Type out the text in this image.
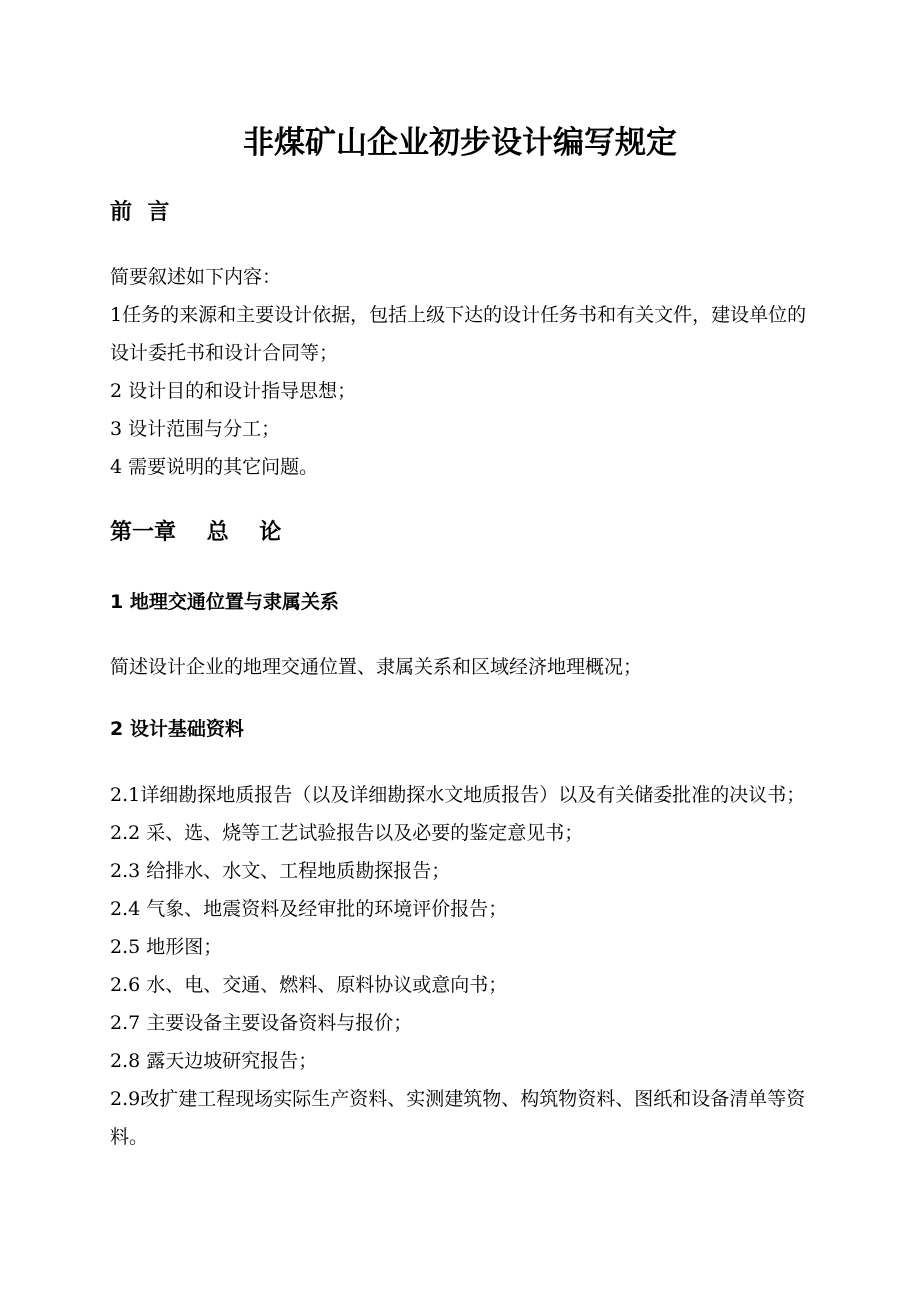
非煤矿山企业初步设计编写规定
前  言

简要叙述如下内容：

1任务的来源和主要设计依据，包括上级下达的设计任务书和有关文件，建设单位的设计委托书和设计合同等；

2 设计目的和设计指导思想；

3 设计范围与分工；

4 需要说明的其它问题。

第一章    总    论
1 地理交通位置与隶属关系

简述设计企业的地理交通位置、隶属关系和区域经济地理概况；

2 设计基础资料
2.1详细勘探地质报告（以及详细勘探水文地质报告）以及有关储委批准的决议书；
2.2 采、选、烧等工艺试验报告以及必要的鉴定意见书；
2.3 给排水、水文、工程地质勘探报告；
2.4 气象、地震资料及经审批的环境评价报告；
2.5 地形图；
2.6 水、电、交通、燃料、原料协议或意向书；
2.7 主要设备主要设备资料与报价；
2.8 露天边坡研究报告；
2.9改扩建工程现场实际生产资料、实测建筑物、构筑物资料、图纸和设备清单等资料。
